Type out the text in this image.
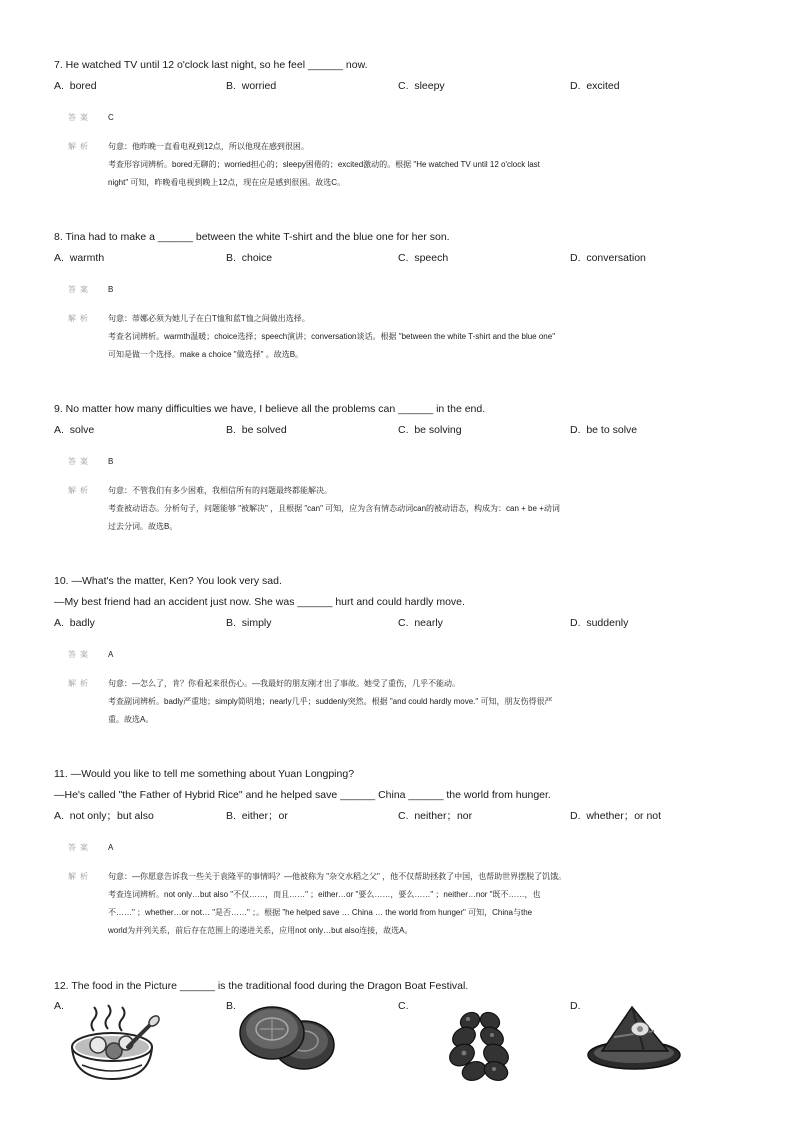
7. He watched TV until 12 o'clock last night, so he feel ______ now.
A.  bored	B.  worried	C.  sleepy	D.  excited
答案 C
解析 句意：他昨晚一直看电视到12点，所以他现在感到很困。

考查形容词辨析。bored无聊的；worried担心的；sleepy困倦的；excited激动的。根据 "He watched TV until 12 o'clock last

night" 可知，昨晚看电视到晚上12点，现在应是感到很困。故选C。

8. Tina had to make a ______ between the white T-shirt and the blue one for her son.
A.  warmth	B.  choice	C.  speech	D.  conversation
答案 B
解析 句意：蒂娜必须为她儿子在白T恤和蓝T恤之间做出选择。

考查名词辨析。warmth温暖；choice选择；speech演讲；conversation谈话。根据 "between the white T-shirt and the blue one"

可知是做一个选择。make a choice "做选择" 。故选B。

9. No matter how many difficulties we have, I believe all the problems can ______ in the end.
A.  solve	B.  be solved	C.  be solving	D.  be to solve
答案 B
解析 句意：不管我们有多少困难，我相信所有的问题最终都能解决。

考查被动语态。分析句子，问题能够 "被解决" ，且根据 "can" 可知，应为含有情态动词can的被动语态，构成为：can + be +动词

过去分词。故选B。

10. —What's the matter, Ken? You look very sad.
—My best friend had an accident just now. She was ______ hurt and could hardly move.
A.  badly	B.  simply	C.  nearly	D.  suddenly
答案 A
解析 句意：—怎么了，肯？你看起来很伤心。—我最好的朋友刚才出了事故。她受了重伤，几乎不能动。

考查副词辨析。badly严重地；simply简明地；nearly几乎；suddenly突然。根据 "and could hardly move." 可知，朋友伤得很严

重。故选A。

11. —Would you like to tell me something about Yuan Longping?
—He's called "the Father of Hybrid Rice" and he helped save ______ China ______ the world from hunger.
A.  not only；but also	B.  either；or	C.  neither；nor	D.  whether；or not
答案 A
解析 句意：—你愿意告诉我一些关于袁隆平的事情吗？—他被称为 "杂交水稻之父" ，他不仅帮助拯救了中国，也帮助世界摆脱了饥饿。

考查连词辨析。not only…but also "不仅……，而且……" ；either…or "要么……，要么……" ；neither…nor "既不……，也

不……" ；whether…or not… "是否……" ；。根据 "he helped save … China … the world from hunger" 可知，China与the

world为并列关系，前后存在范围上的递进关系，应用not only…but also连接，故选A。

12. The food in the Picture ______ is the traditional food during the Dragon Boat Festival.
A.	B.	C.	D.
